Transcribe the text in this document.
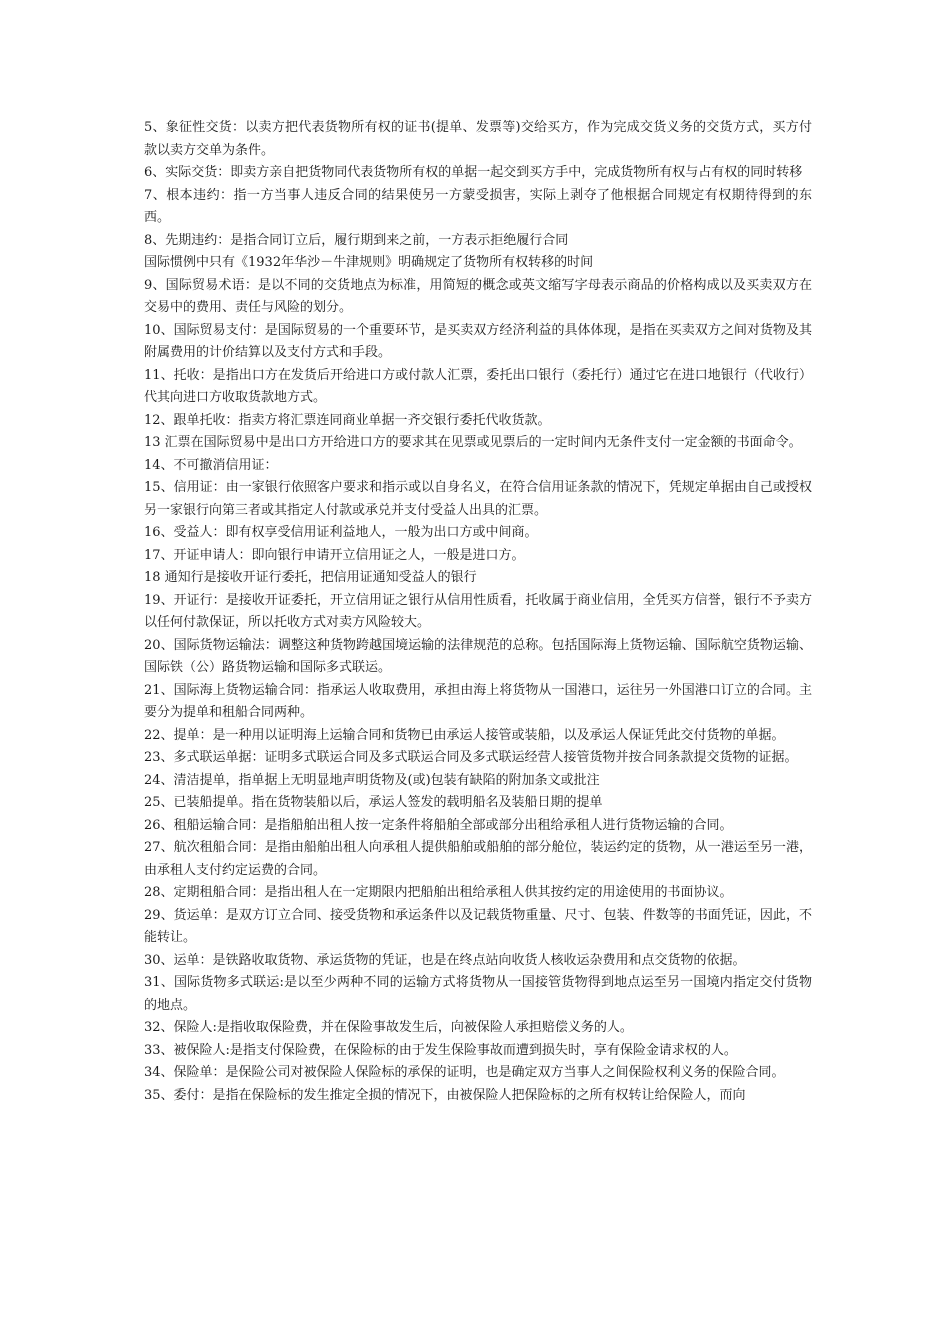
5、象征性交货：以卖方把代表货物所有权的证书(提单、发票等)交给买方，作为完成交货义务的交货方式，买方付款以卖方交单为条件。

6、实际交货：即卖方亲自把货物同代表货物所有权的单据一起交到买方手中，完成货物所有权与占有权的同时转移

7、根本违约：指一方当事人违反合同的结果使另一方蒙受损害，实际上剥夺了他根据合同规定有权期待得到的东西。

8、先期违约：是指合同订立后，履行期到来之前，一方表示拒绝履行合同

国际惯例中只有《1932年华沙－牛津规则》明确规定了货物所有权转移的时间

9、国际贸易术语：是以不同的交货地点为标准，用简短的概念或英文缩写字母表示商品的价格构成以及买卖双方在交易中的费用、责任与风险的划分。

10、国际贸易支付：是国际贸易的一个重要环节，是买卖双方经济利益的具体体现，是指在买卖双方之间对货物及其附属费用的计价结算以及支付方式和手段。

11、托收：是指出口方在发货后开给进口方或付款人汇票，委托出口银行（委托行）通过它在进口地银行（代收行）代其向进口方收取货款地方式。

12、跟单托收：指卖方将汇票连同商业单据一齐交银行委托代收货款。

13 汇票在国际贸易中是出口方开给进口方的要求其在见票或见票后的一定时间内无条件支付一定金额的书面命令。

14、不可撤消信用证：

15、信用证：由一家银行依照客户要求和指示或以自身名义，在符合信用证条款的情况下，凭规定单据由自己或授权另一家银行向第三者或其指定人付款或承兑并支付受益人出具的汇票。

16、受益人：即有权享受信用证利益地人，一般为出口方或中间商。

17、开证申请人：即向银行申请开立信用证之人，一般是进口方。

18 通知行是接收开证行委托，把信用证通知受益人的银行

19、开证行：是接收开证委托，开立信用证之银行从信用性质看，托收属于商业信用，全凭买方信誉，银行不予卖方以任何付款保证，所以托收方式对卖方风险较大。

20、国际货物运输法：调整这种货物跨越国境运输的法律规范的总称。包括国际海上货物运输、国际航空货物运输、国际铁（公）路货物运输和国际多式联运。

21、国际海上货物运输合同：指承运人收取费用，承担由海上将货物从一国港口，运往另一外国港口订立的合同。主要分为提单和租船合同两种。

22、提单：是一种用以证明海上运输合同和货物已由承运人接管或装船，以及承运人保证凭此交付货物的单据。

23、多式联运单据：证明多式联运合同及多式联运合同及多式联运经营人接管货物并按合同条款提交货物的证据。

24、清洁提单，指单据上无明显地声明货物及(或)包装有缺陷的附加条文或批注

25、已装船提单。指在货物装船以后，承运人签发的载明船名及装船日期的提单

26、租船运输合同：是指船舶出租人按一定条件将船舶全部或部分出租给承租人进行货物运输的合同。

27、航次租船合同：是指由船舶出租人向承租人提供船舶或船舶的部分舱位，装运约定的货物，从一港运至另一港，由承租人支付约定运费的合同。

28、定期租船合同：是指出租人在一定期限内把船舶出租给承租人供其按约定的用途使用的书面协议。

29、货运单：是双方订立合同、接受货物和承运条件以及记载货物重量、尺寸、包装、件数等的书面凭证，因此，不能转让。

30、运单：是铁路收取货物、承运货物的凭证，也是在终点站向收货人核收运杂费用和点交货物的依据。

31、国际货物多式联运:是以至少两种不同的运输方式将货物从一国接管货物得到地点运至另一国境内指定交付货物的地点。

32、保险人:是指收取保险费，并在保险事故发生后，向被保险人承担赔偿义务的人。

33、被保险人:是指支付保险费，在保险标的由于发生保险事故而遭到损失时，享有保险金请求权的人。

34、保险单：是保险公司对被保险人保险标的承保的证明，也是确定双方当事人之间保险权利义务的保险合同。

35、委付：是指在保险标的发生推定全损的情况下，由被保险人把保险标的之所有权转让给保险人，而向
